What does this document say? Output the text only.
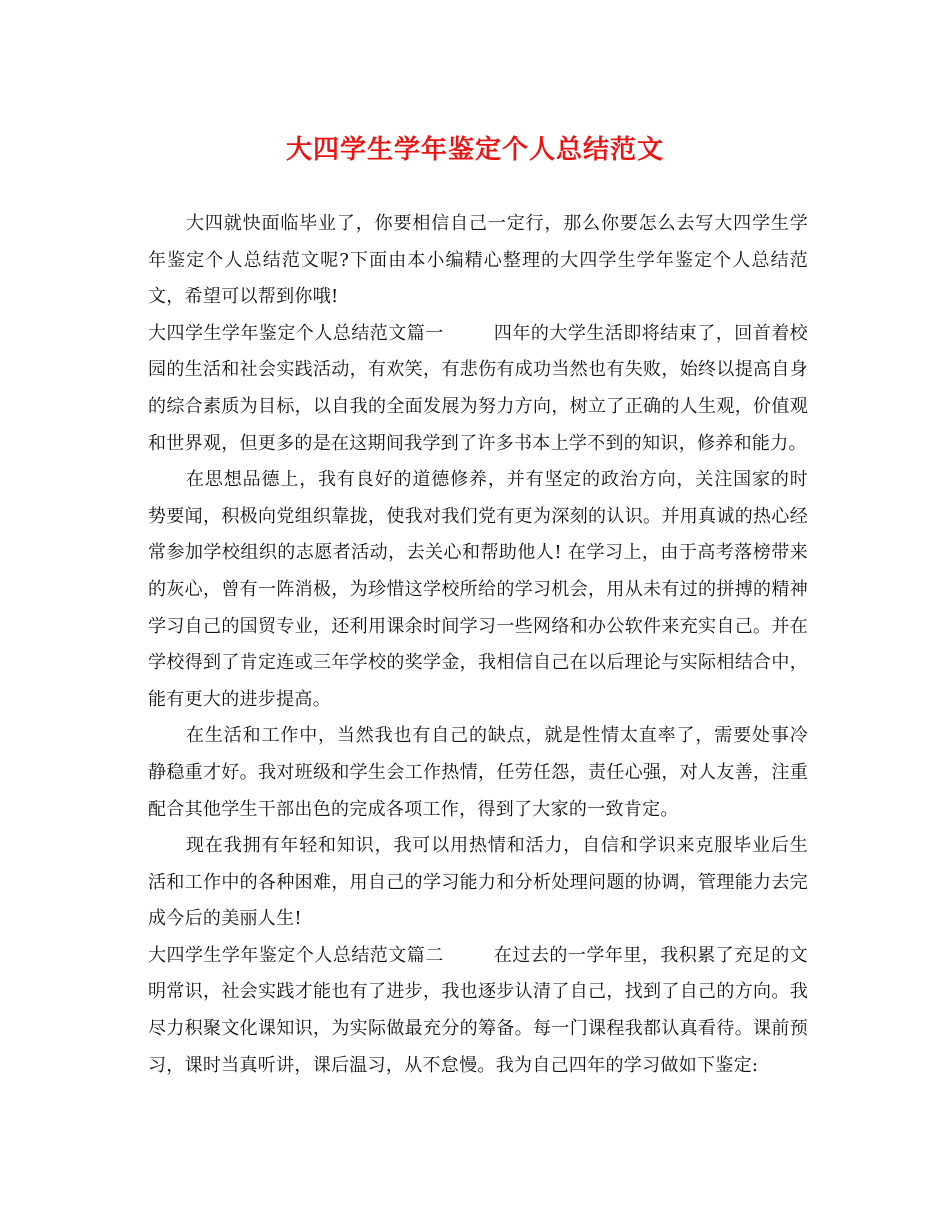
大四学生学年鉴定个人总结范文

大四就快面临毕业了，你要相信自己一定行，那么你要怎么去写大四学生学年鉴定个人总结范文呢?下面由本小编精心整理的大四学生学年鉴定个人总结范文，希望可以帮到你哦!

大四学生学年鉴定个人总结范文篇一	四年的大学生活即将结束了，回首着校园的生活和社会实践活动，有欢笑，有悲伤有成功当然也有失败，始终以提高自身的综合素质为目标，以自我的全面发展为努力方向，树立了正确的人生观，价值观和世界观，但更多的是在这期间我学到了许多书本上学不到的知识，修养和能力。

在思想品德上，我有良好的道德修养，并有坚定的政治方向，关注国家的时势要闻，积极向党组织靠拢，使我对我们党有更为深刻的认识。并用真诚的热心经常参加学校组织的志愿者活动，去关心和帮助他人! 在学习上，由于高考落榜带来的灰心，曾有一阵消极，为珍惜这学校所给的学习机会，用从未有过的拼搏的精神学习自己的国贸专业，还利用课余时间学习一些网络和办公软件来充实自己。并在学校得到了肯定连或三年学校的奖学金，我相信自己在以后理论与实际相结合中，能有更大的进步提高。

在生活和工作中，当然我也有自己的缺点，就是性情太直率了，需要处事冷静稳重才好。我对班级和学生会工作热情，任劳任怨，责任心强，对人友善，注重配合其他学生干部出色的完成各项工作，得到了大家的一致肯定。

现在我拥有年轻和知识，我可以用热情和活力，自信和学识来克服毕业后生活和工作中的各种困难，用自己的学习能力和分析处理问题的协调，管理能力去完成今后的美丽人生!

大四学生学年鉴定个人总结范文篇二	在过去的一学年里，我积累了充足的文明常识，社会实践才能也有了进步，我也逐步认清了自己，找到了自己的方向。我尽力积聚文化课知识，为实际做最充分的筹备。每一门课程我都认真看待。课前预习，课时当真听讲，课后温习，从不怠慢。我为自己四年的学习做如下鉴定:
